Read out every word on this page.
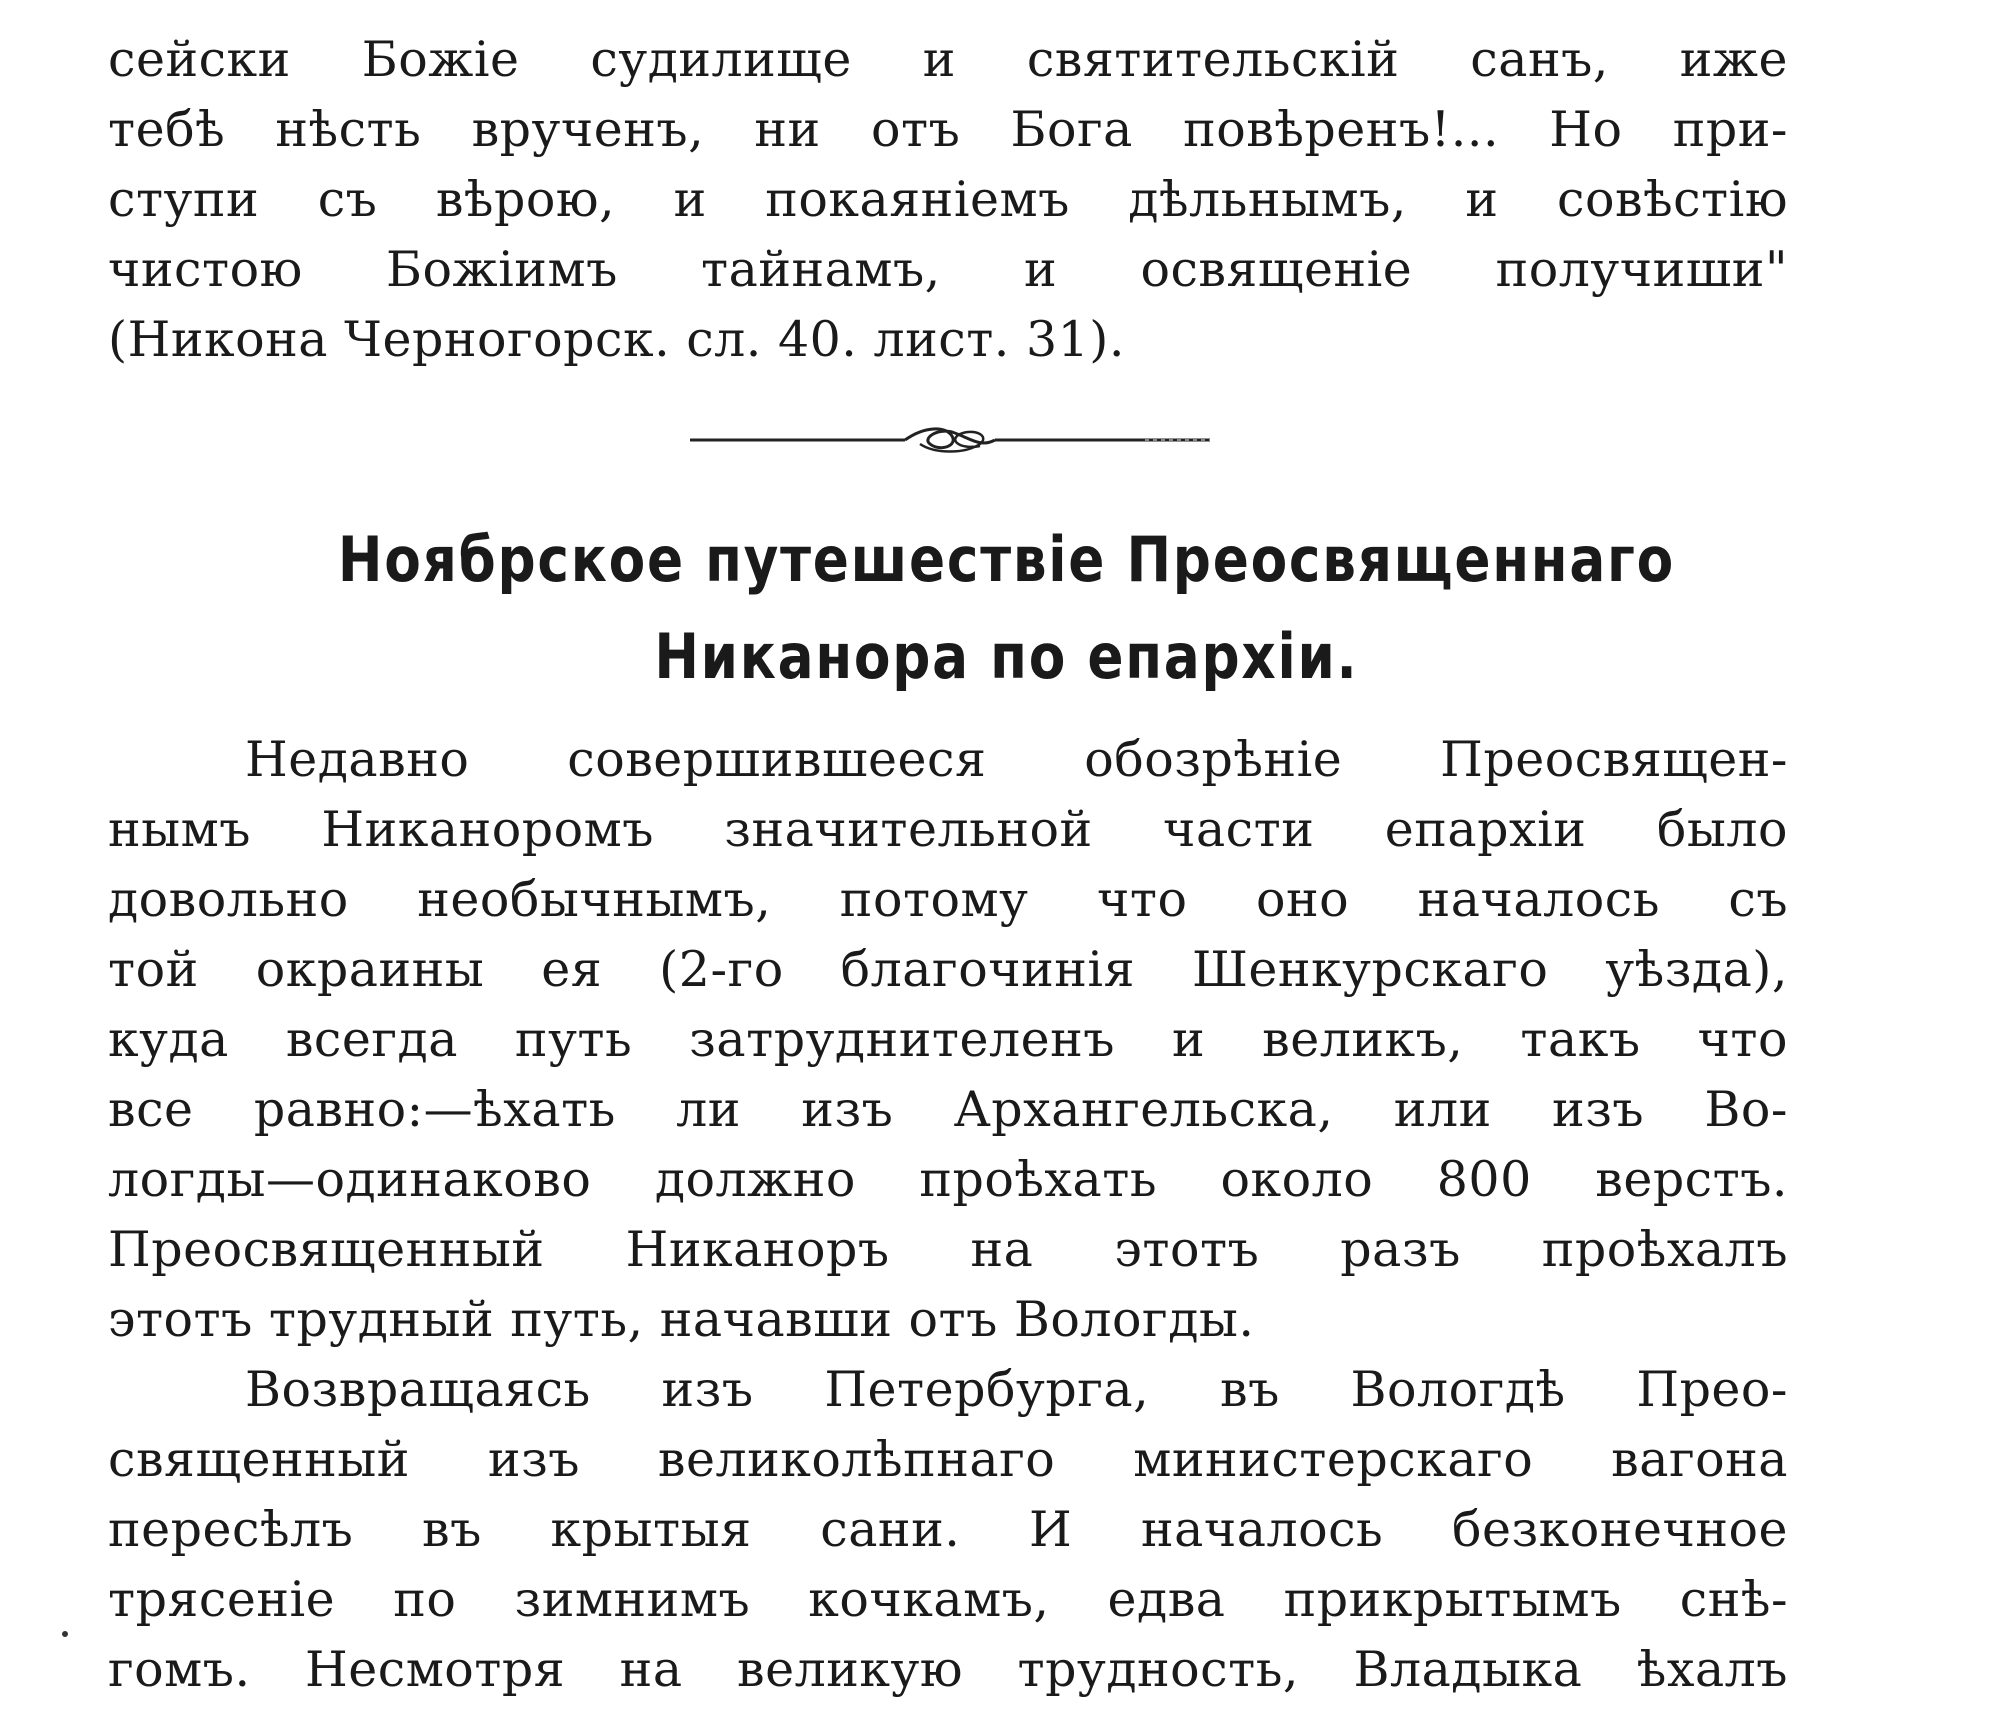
сейски Божіе судилище и святительскій санъ, иже
тебѣ нѣсть врученъ, ни отъ Бога повѣренъ!... Но при-
ступи съ вѣрою, и покаяніемъ дѣльнымъ, и совѣстію
чистою Божіимъ тайнамъ, и освященіе получиши"
(Никона Черногорск. сл. 40. лист. 31).
Ноябрское путешествіе Преосвященнаго
Никанора по епархіи.
Недавно совершившееся обозрѣніе Преосвящен-
нымъ Никаноромъ значительной части епархіи было
довольно необычнымъ, потому что оно началось съ
той окраины ея (2-го благочинія Шенкурскаго уѣзда),
куда всегда путь затруднителенъ и великъ, такъ что
все равно:—ѣхать ли изъ Архангельска, или изъ Во-
логды—одинаково должно проѣхать около 800 верстъ.
Преосвященный Никаноръ на этотъ разъ проѣхалъ
этотъ трудный путь, начавши отъ Вологды.
Возвращаясь изъ Петербурга, въ Вологдѣ Прео-
священный изъ великолѣпнаго министерскаго вагона
пересѣлъ въ крытыя сани. И началось безконечное
трясеніе по зимнимъ кочкамъ, едва прикрытымъ снѣ-
гомъ. Несмотря на великую трудность, Владыка ѣхалъ
